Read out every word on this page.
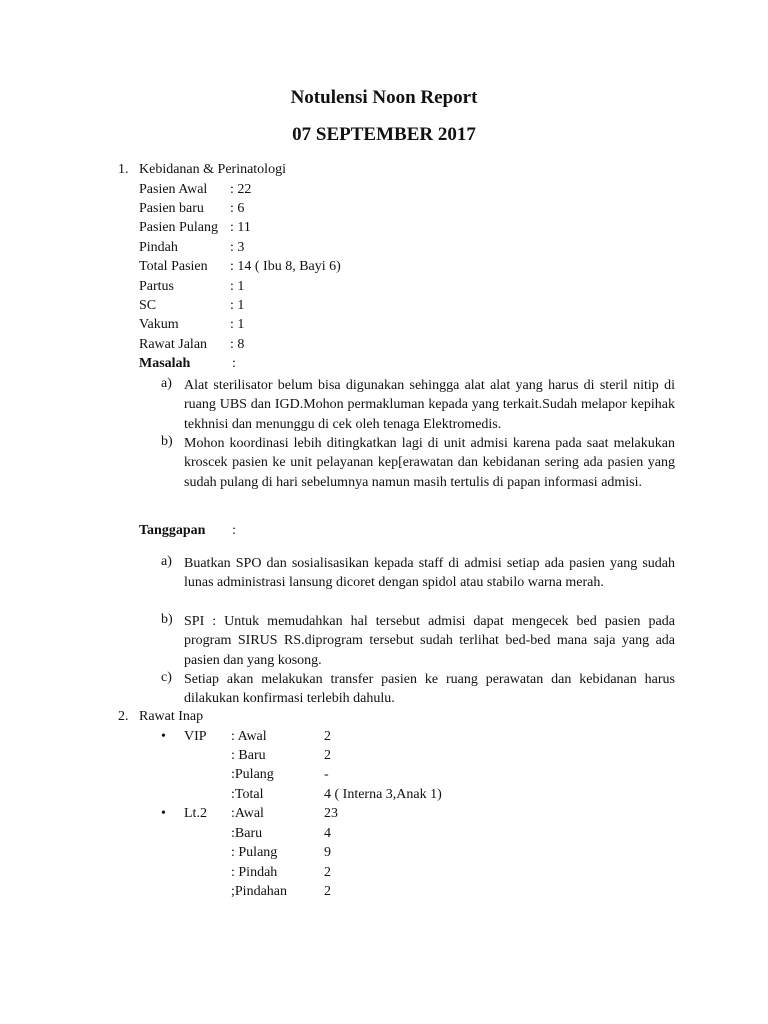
Notulensi Noon Report
07 SEPTEMBER 2017
1. Kebidanan & Perinatologi
Pasien Awal : 22
Pasien baru : 6
Pasien Pulang : 11
Pindah	: 3
Total Pasien : 14 ( Ibu 8, Bayi 6)
Partus	: 1
SC	: 1
Vakum	: 1
Rawat Jalan : 8
Masalah	:
a) Alat sterilisator belum bisa digunakan sehingga alat alat yang harus di steril nitip di ruang UBS dan IGD.Mohon permakluman kepada yang terkait.Sudah melapor kepihak tekhnisi dan menunggu di cek oleh tenaga Elektromedis.
b) Mohon koordinasi lebih ditingkatkan lagi di unit admisi karena pada saat melakukan kroscek pasien ke unit pelayanan kep[erawatan dan kebidanan sering ada pasien yang sudah pulang di hari sebelumnya namun masih tertulis di papan informasi admisi.
Tanggapan :
a) Buatkan SPO dan sosialisasikan kepada staff di admisi setiap ada pasien yang sudah lunas administrasi lansung dicoret dengan spidol atau stabilo warna merah.
b) SPI : Untuk memudahkan hal tersebut admisi dapat mengecek bed pasien pada program SIRUS RS.diprogram tersebut sudah terlihat bed-bed mana saja yang ada pasien dan yang kosong.
c) Setiap akan melakukan transfer pasien ke ruang perawatan dan kebidanan harus dilakukan konfirmasi terlebih dahulu.
2. Rawat Inap
• VIP : Awal	2
: Baru	2
:Pulang	-
:Total	4 ( Interna 3,Anak 1)
• Lt.2 :Awal	23
:Baru	4
: Pulang	9
: Pindah	2
;Pindahan	2
